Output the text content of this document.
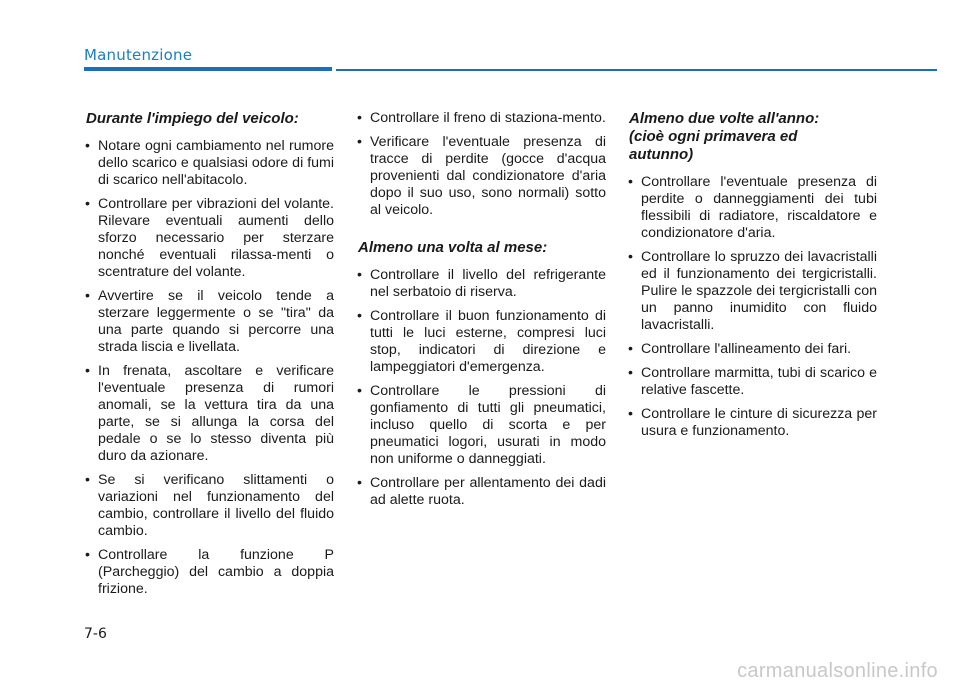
Manutenzione
Durante l'impiego del veicolo:
• Notare ogni cambiamento nel rumore dello scarico e qualsiasi odore di fumi di scarico nell'abitacolo.
• Controllare per vibrazioni del volante. Rilevare eventuali aumenti dello sforzo necessario per sterzare nonché eventuali rilassa-menti o scentrature del volante.
• Avvertire se il veicolo tende a sterzare leggermente o se "tira" da una parte quando si percorre una strada liscia e livellata.
• In frenata, ascoltare e verificare l'eventuale presenza di rumori anomali, se la vettura tira da una parte, se si allunga la corsa del pedale o se lo stesso diventa più duro da azionare.
• Se si verificano slittamenti o variazioni nel funzionamento del cambio, controllare il livello del fluido cambio.
• Controllare la funzione P (Parcheggio) del cambio a doppia frizione.
• Controllare il freno di staziona-mento.
• Verificare l'eventuale presenza di tracce di perdite (gocce d'acqua provenienti dal condizionatore d'aria dopo il suo uso, sono normali) sotto al veicolo.
Almeno una volta al mese:
• Controllare il livello del refrigerante nel serbatoio di riserva.
• Controllare il buon funzionamento di tutti le luci esterne, compresi luci stop, indicatori di direzione e lampeggiatori d'emergenza.
• Controllare le pressioni di gonfiamento di tutti gli pneumatici, incluso quello di scorta e per pneumatici logori, usurati in modo non uniforme o danneggiati.
• Controllare per allentamento dei dadi ad alette ruota.
Almeno due volte all'anno:
(cioè ogni primavera ed
autunno)
• Controllare l'eventuale presenza di perdite o danneggiamenti dei tubi flessibili di radiatore, riscaldatore e condizionatore d'aria.
• Controllare lo spruzzo dei lavacristalli ed il funzionamento dei tergicristalli. Pulire le spazzole dei tergicristalli con un panno inumidito con fluido lavacristalli.
• Controllare l'allineamento dei fari.
• Controllare marmitta, tubi di scarico e relative fascette.
• Controllare le cinture di sicurezza per usura e funzionamento.
7-6
carmanualsonline.info
